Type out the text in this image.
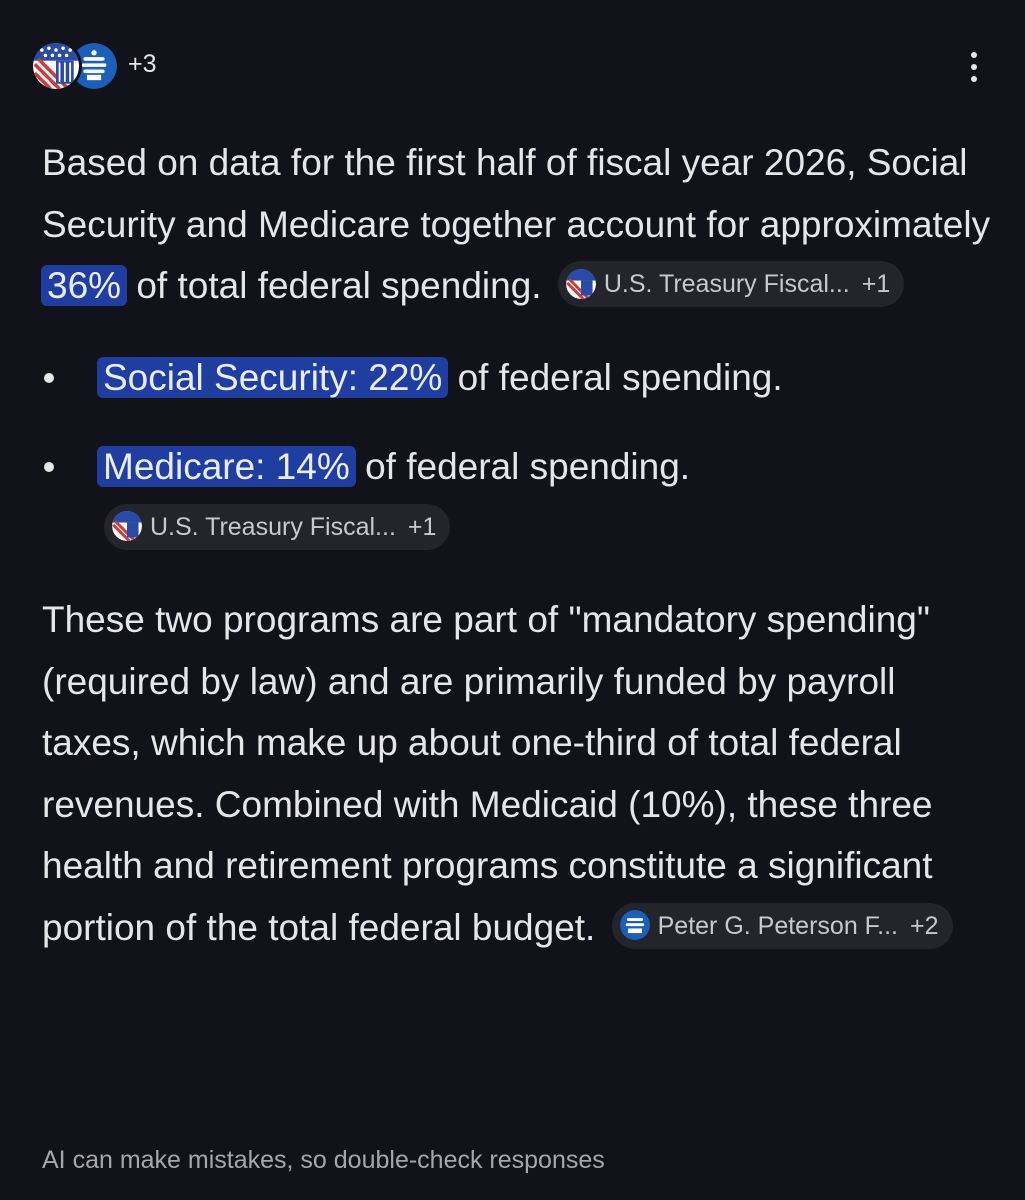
+3

Based on data for the first half of fiscal year 2026, Social Security and Medicare together account for approximately 36% of total federal spending. U.S. Treasury Fiscal... +1

Social Security: 22% of federal spending.
Medicare: 14% of federal spending.
U.S. Treasury Fiscal... +1

These two programs are part of "mandatory spending" (required by law) and are primarily funded by payroll taxes, which make up about one-third of total federal revenues. Combined with Medicaid (10%), these three health and retirement programs constitute a significant portion of the total federal budget. Peter G. Peterson F... +2

AI can make mistakes, so double-check responses
